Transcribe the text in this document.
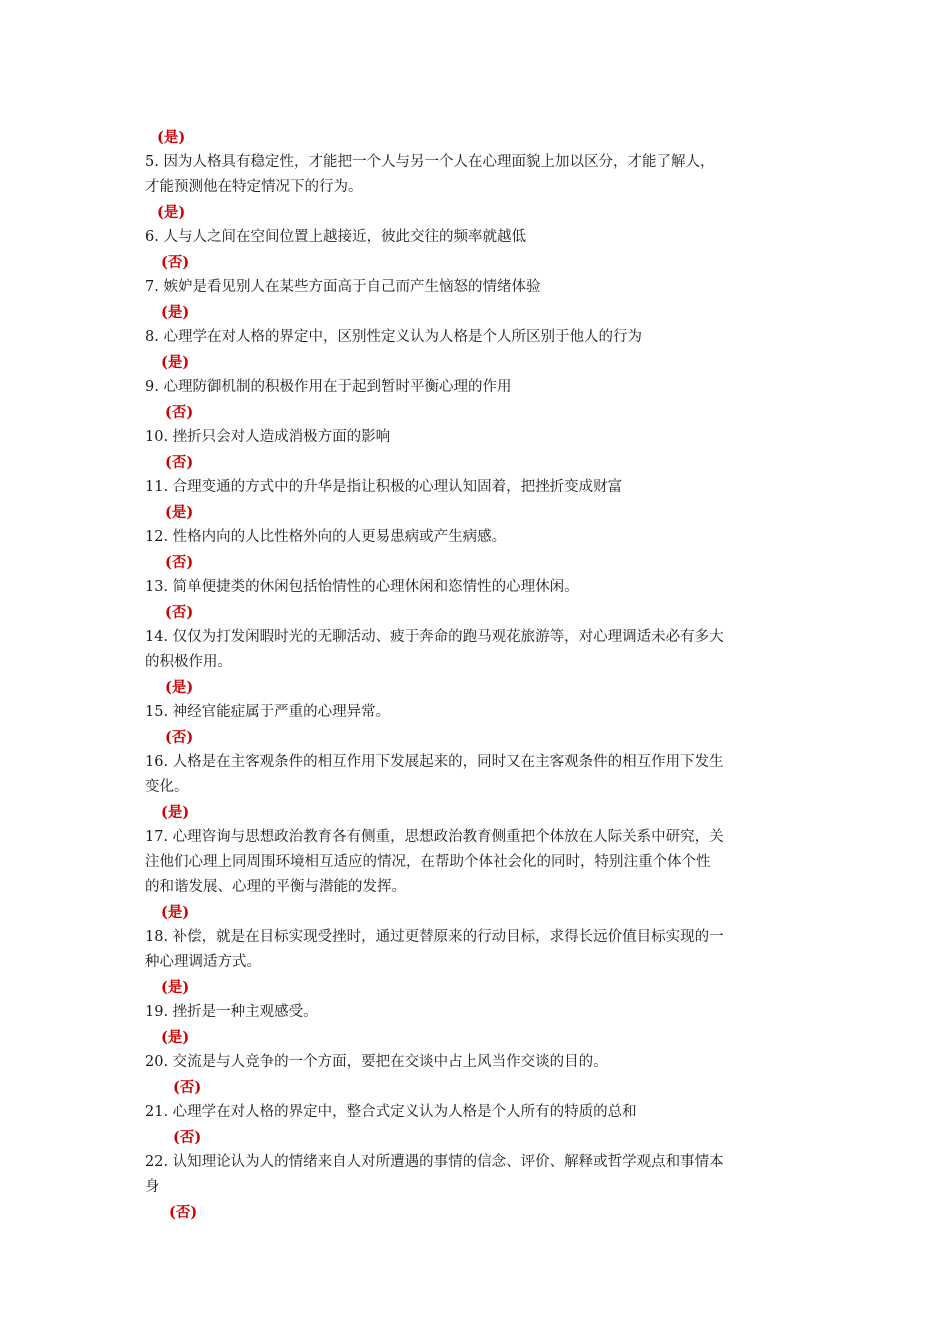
(是)
5. 因为人格具有稳定性，才能把一个人与另一个人在心理面貌上加以区分，才能了解人，
才能预测他在特定情况下的行为。
(是)
6. 人与人之间在空间位置上越接近，彼此交往的频率就越低
(否)
7. 嫉妒是看见别人在某些方面高于自己而产生恼怒的情绪体验
(是)
8. 心理学在对人格的界定中，区别性定义认为人格是个人所区别于他人的行为
(是)
9. 心理防御机制的积极作用在于起到暂时平衡心理的作用
(否)
10. 挫折只会对人造成消极方面的影响
(否)
11. 合理变通的方式中的升华是指让积极的心理认知固着，把挫折变成财富
(是)
12. 性格内向的人比性格外向的人更易患病或产生病感。
(否)
13. 简单便捷类的休闲包括怡情性的心理休闲和恣情性的心理休闲。
(否)
14. 仅仅为打发闲暇时光的无聊活动、疲于奔命的跑马观花旅游等，对心理调适未必有多大
的积极作用。
(是)
15. 神经官能症属于严重的心理异常。
(否)
16. 人格是在主客观条件的相互作用下发展起来的，同时又在主客观条件的相互作用下发生
变化。
(是)
17. 心理咨询与思想政治教育各有侧重，思想政治教育侧重把个体放在人际关系中研究，关
注他们心理上同周围环境相互适应的情况，在帮助个体社会化的同时，特别注重个体个性
的和谐发展、心理的平衡与潜能的发挥。
(是)
18. 补偿，就是在目标实现受挫时，通过更替原来的行动目标，求得长远价值目标实现的一
种心理调适方式。
(是)
19. 挫折是一种主观感受。
(是)
20. 交流是与人竞争的一个方面，要把在交谈中占上风当作交谈的目的。
(否)
21. 心理学在对人格的界定中，整合式定义认为人格是个人所有的特质的总和
(否)
22. 认知理论认为人的情绪来自人对所遭遇的事情的信念、评价、解释或哲学观点和事情本
身
(否)
